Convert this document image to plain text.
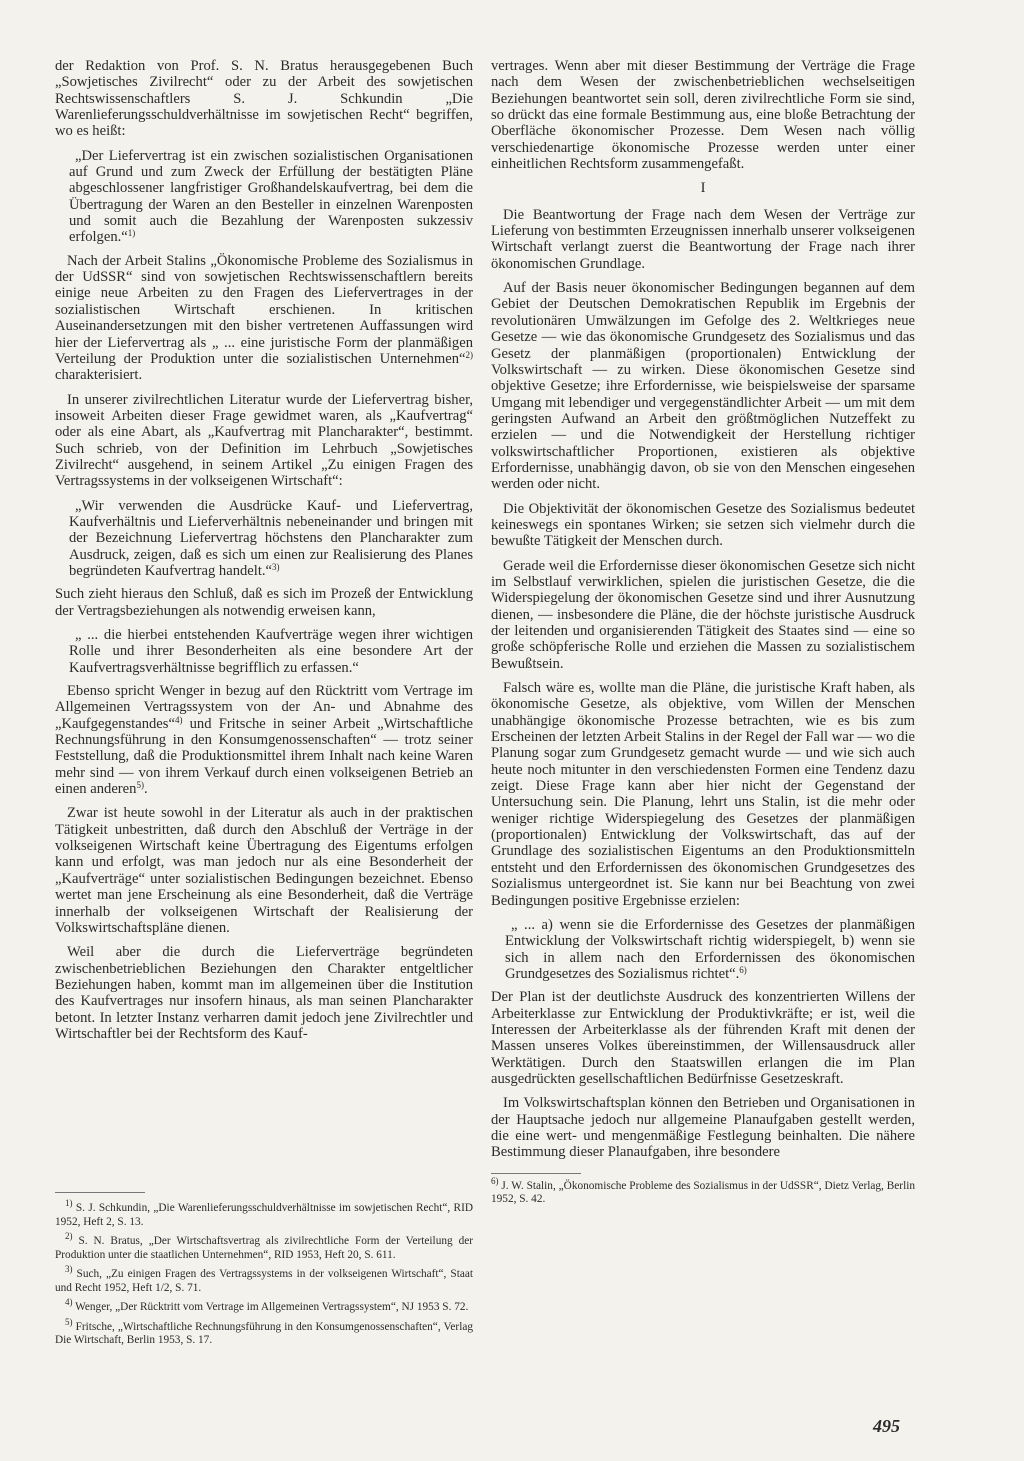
der Redaktion von Prof. S. N. Bratus herausgegebenen Buch „Sowjetisches Zivilrecht“ oder zu der Arbeit des sowjetischen Rechtswissenschaftlers S. J. Schkundin „Die Warenlieferungsschuldverhältnisse im sowjetischen Recht“ begriffen, wo es heißt:

„Der Liefervertrag ist ein zwischen sozialistischen Organisationen auf Grund und zum Zweck der Erfüllung der bestätigten Pläne abgeschlossener langfristiger Großhandelskaufvertrag, bei dem die Übertragung der Waren an den Besteller in einzelnen Warenposten und somit auch die Bezahlung der Warenposten sukzessiv erfolgen.“$^{1)}$

Nach der Arbeit Stalins „Ökonomische Probleme des Sozialismus in der UdSSR“ sind von sowjetischen Rechtswissenschaftlern bereits einige neue Arbeiten zu den Fragen des Liefervertrages in der sozialistischen Wirtschaft erschienen. In kritischen Auseinandersetzungen mit den bisher vertretenen Auffassungen wird hier der Liefervertrag als „ ... eine juristische Form der planmäßigen Verteilung der Produktion unter die sozialistischen Unternehmen“$^{2)}$ charakterisiert.

In unserer zivilrechtlichen Literatur wurde der Liefervertrag bisher, insoweit Arbeiten dieser Frage gewidmet waren, als „Kaufvertrag“ oder als eine Abart, als „Kaufvertrag mit Plancharakter“, bestimmt. Such schrieb, von der Definition im Lehrbuch „Sowjetisches Zivilrecht“ ausgehend, in seinem Artikel „Zu einigen Fragen des Vertragssystems in der volkseigenen Wirtschaft“:

„Wir verwenden die Ausdrücke Kauf- und Liefervertrag, Kaufverhältnis und Lieferverhältnis nebeneinander und bringen mit der Bezeichnung Liefervertrag höchstens den Plancharakter zum Ausdruck, zeigen, daß es sich um einen zur Realisierung des Planes begründeten Kaufvertrag handelt.“$^{3)}$

Such zieht hieraus den Schluß, daß es sich im Prozeß der Entwicklung der Vertragsbeziehungen als notwendig erweisen kann,

„ ... die hierbei entstehenden Kaufverträge wegen ihrer wichtigen Rolle und ihrer Besonderheiten als eine besondere Art der Kaufvertragsverhältnisse begrifflich zu erfassen.“

Ebenso spricht Wenger in bezug auf den Rücktritt vom Vertrage im Allgemeinen Vertragssystem von der An- und Abnahme des „Kaufgegenstandes“$^{4)}$ und Fritsche in seiner Arbeit „Wirtschaftliche Rechnungsführung in den Konsumgenossenschaften“ — trotz seiner Feststellung, daß die Produktionsmittel ihrem Inhalt nach keine Waren mehr sind — von ihrem Verkauf durch einen volkseigenen Betrieb an einen anderen$^{5)}$.

Zwar ist heute sowohl in der Literatur als auch in der praktischen Tätigkeit unbestritten, daß durch den Abschluß der Verträge in der volkseigenen Wirtschaft keine Übertragung des Eigentums erfolgen kann und erfolgt, was man jedoch nur als eine Besonderheit der „Kaufverträge“ unter sozialistischen Bedingungen bezeichnet. Ebenso wertet man jene Erscheinung als eine Besonderheit, daß die Verträge innerhalb der volkseigenen Wirtschaft der Realisierung der Volkswirtschaftspläne dienen.

Weil aber die durch die Lieferverträge begründeten zwischenbetrieblichen Beziehungen den Charakter entgeltlicher Beziehungen haben, kommt man im allgemeinen über die Institution des Kaufvertrages nur insofern hinaus, als man seinen Plancharakter betont. In letzter Instanz verharren damit jedoch jene Zivilrechtler und Wirtschaftler bei der Rechtsform des Kauf-

$^{1)}$ S. J. Schkundin, „Die Warenlieferungsschuldverhältnisse im sowjetischen Recht“, RID 1952, Heft 2, S. 13.

$^{2)}$ S. N. Bratus, „Der Wirtschaftsvertrag als zivilrechtliche Form der Verteilung der Produktion unter die staatlichen Unternehmen“, RID 1953, Heft 20, S. 611.

$^{3)}$ Such, „Zu einigen Fragen des Vertragssystems in der volkseigenen Wirtschaft“, Staat und Recht 1952, Heft 1/2, S. 71.

$^{4)}$ Wenger, „Der Rücktritt vom Vertrage im Allgemeinen Vertragssystem“, NJ 1953 S. 72.

$^{5)}$ Fritsche, „Wirtschaftliche Rechnungsführung in den Konsumgenossenschaften“, Verlag Die Wirtschaft, Berlin 1953, S. 17.

vertrages. Wenn aber mit dieser Bestimmung der Verträge die Frage nach dem Wesen der zwischenbetrieblichen wechselseitigen Beziehungen beantwortet sein soll, deren zivilrechtliche Form sie sind, so drückt das eine formale Bestimmung aus, eine bloße Betrachtung der Oberfläche ökonomischer Prozesse. Dem Wesen nach völlig verschiedenartige ökonomische Prozesse werden unter einer einheitlichen Rechtsform zusammengefaßt.

I

Die Beantwortung der Frage nach dem Wesen der Verträge zur Lieferung von bestimmten Erzeugnissen innerhalb unserer volkseigenen Wirtschaft verlangt zuerst die Beantwortung der Frage nach ihrer ökonomischen Grundlage.

Auf der Basis neuer ökonomischer Bedingungen begannen auf dem Gebiet der Deutschen Demokratischen Republik im Ergebnis der revolutionären Umwälzungen im Gefolge des 2. Weltkrieges neue Gesetze — wie das ökonomische Grundgesetz des Sozialismus und das Gesetz der planmäßigen (proportionalen) Entwicklung der Volkswirtschaft — zu wirken. Diese ökonomischen Gesetze sind objektive Gesetze; ihre Erfordernisse, wie beispielsweise der sparsame Umgang mit lebendiger und vergegenständlichter Arbeit — um mit dem geringsten Aufwand an Arbeit den größtmöglichen Nutzeffekt zu erzielen — und die Notwendigkeit der Herstellung richtiger volkswirtschaftlicher Proportionen, existieren als objektive Erfordernisse, unabhängig davon, ob sie von den Menschen eingesehen werden oder nicht.

Die Objektivität der ökonomischen Gesetze des Sozialismus bedeutet keineswegs ein spontanes Wirken; sie setzen sich vielmehr durch die bewußte Tätigkeit der Menschen durch.

Gerade weil die Erfordernisse dieser ökonomischen Gesetze sich nicht im Selbstlauf verwirklichen, spielen die juristischen Gesetze, die die Widerspiegelung der ökonomischen Gesetze sind und ihrer Ausnutzung dienen, — insbesondere die Pläne, die der höchste juristische Ausdruck der leitenden und organisierenden Tätigkeit des Staates sind — eine so große schöpferische Rolle und erziehen die Massen zu sozialistischem Bewußtsein.

Falsch wäre es, wollte man die Pläne, die juristische Kraft haben, als ökonomische Gesetze, als objektive, vom Willen der Menschen unabhängige ökonomische Prozesse betrachten, wie es bis zum Erscheinen der letzten Arbeit Stalins in der Regel der Fall war — wo die Planung sogar zum Grundgesetz gemacht wurde — und wie sich auch heute noch mitunter in den verschiedensten Formen eine Tendenz dazu zeigt. Diese Frage kann aber hier nicht der Gegenstand der Untersuchung sein. Die Planung, lehrt uns Stalin, ist die mehr oder weniger richtige Widerspiegelung des Gesetzes der planmäßigen (proportionalen) Entwicklung der Volkswirtschaft, das auf der Grundlage des sozialistischen Eigentums an den Produktionsmitteln entsteht und den Erfordernissen des ökonomischen Grundgesetzes des Sozialismus untergeordnet ist. Sie kann nur bei Beachtung von zwei Bedingungen positive Ergebnisse erzielen:

„ ... a) wenn sie die Erfordernisse des Gesetzes der planmäßigen Entwicklung der Volkswirtschaft richtig widerspiegelt, b) wenn sie sich in allem nach den Erfordernissen des ökonomischen Grundgesetzes des Sozialismus richtet“.$^{6)}$

Der Plan ist der deutlichste Ausdruck des konzentrierten Willens der Arbeiterklasse zur Entwicklung der Produktivkräfte; er ist, weil die Interessen der Arbeiterklasse als der führenden Kraft mit denen der Massen unseres Volkes übereinstimmen, der Willensausdruck aller Werktätigen. Durch den Staatswillen erlangen die im Plan ausgedrückten gesellschaftlichen Bedürfnisse Gesetzeskraft.

Im Volkswirtschaftsplan können den Betrieben und Organisationen in der Hauptsache jedoch nur allgemeine Planaufgaben gestellt werden, die eine wert- und mengenmäßige Festlegung beinhalten. Die nähere Bestimmung dieser Planaufgaben, ihre besondere

$^{6)}$ J. W. Stalin, „Ökonomische Probleme des Sozialismus in der UdSSR“, Dietz Verlag, Berlin 1952, S. 42.

495
